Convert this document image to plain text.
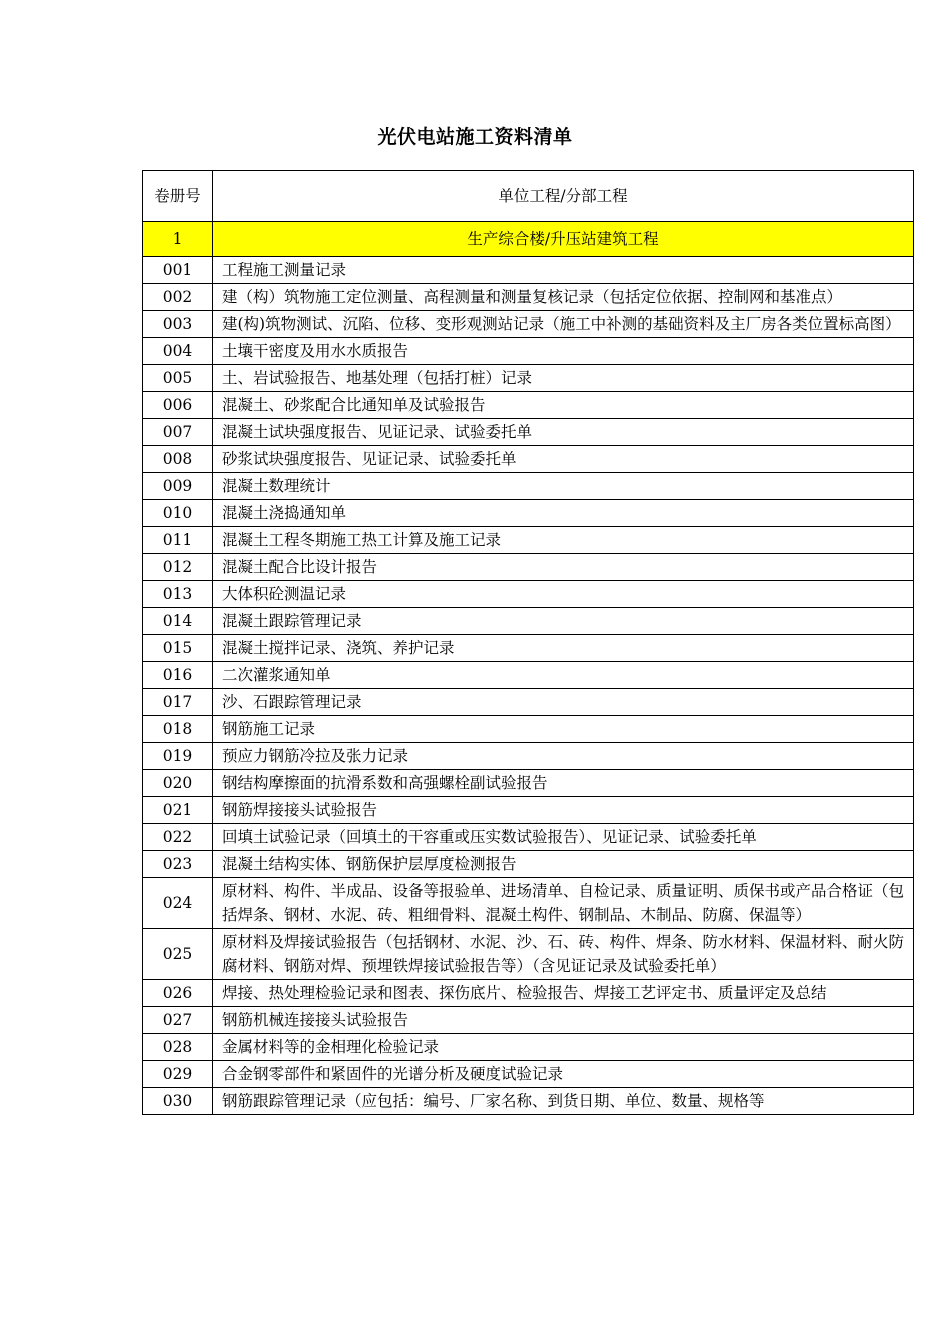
光伏电站施工资料清单
卷册号	单位工程/分部工程
1	生产综合楼/升压站建筑工程
001	工程施工测量记录
002	建（构）筑物施工定位测量、高程测量和测量复核记录（包括定位依据、控制网和基准点）
003	建(构)筑物测试、沉陷、位移、变形观测站记录（施工中补测的基础资料及主厂房各类位置标高图）
004	土壤干密度及用水水质报告
005	土、岩试验报告、地基处理（包括打桩）记录
006	混凝土、砂浆配合比通知单及试验报告
007	混凝土试块强度报告、见证记录、试验委托单
008	砂浆试块强度报告、见证记录、试验委托单
009	混凝土数理统计
010	混凝土浇捣通知单
011	混凝土工程冬期施工热工计算及施工记录
012	混凝土配合比设计报告
013	大体积砼测温记录
014	混凝土跟踪管理记录
015	混凝土搅拌记录、浇筑、养护记录
016	二次灌浆通知单
017	沙、石跟踪管理记录
018	钢筋施工记录
019	预应力钢筋冷拉及张力记录
020	钢结构摩擦面的抗滑系数和高强螺栓副试验报告
021	钢筋焊接接头试验报告
022	回填土试验记录（回填土的干容重或压实数试验报告）、见证记录、试验委托单
023	混凝土结构实体、钢筋保护层厚度检测报告
024	原材料、构件、半成品、设备等报验单、进场清单、自检记录、质量证明、质保书或产品合格证（包括焊条、钢材、水泥、砖、粗细骨料、混凝土构件、钢制品、木制品、防腐、保温等）
025	原材料及焊接试验报告（包括钢材、水泥、沙、石、砖、构件、焊条、防水材料、保温材料、耐火防腐材料、钢筋对焊、预埋铁焊接试验报告等）（含见证记录及试验委托单）
026	焊接、热处理检验记录和图表、探伤底片、检验报告、焊接工艺评定书、质量评定及总结
027	钢筋机械连接接头试验报告
028	金属材料等的金相理化检验记录
029	合金钢零部件和紧固件的光谱分析及硬度试验记录
030	钢筋跟踪管理记录（应包括：编号、厂家名称、到货日期、单位、数量、规格等
